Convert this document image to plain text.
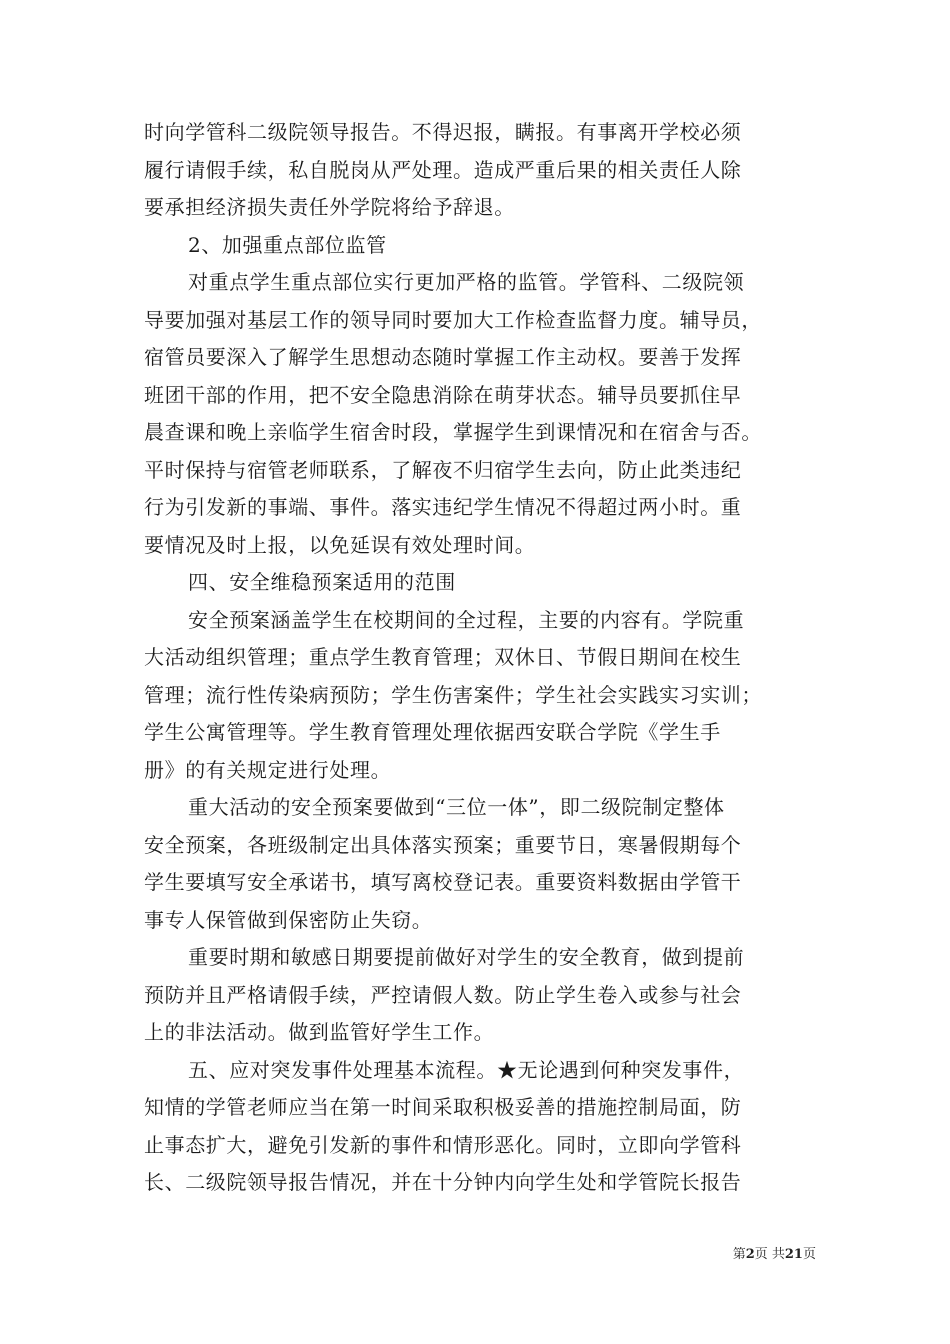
时向学管科二级院领导报告。不得迟报，瞒报。有事离开学校必须
履行请假手续，私自脱岗从严处理。造成严重后果的相关责任人除
要承担经济损失责任外学院将给予辞退。
2、加强重点部位监管
对重点学生重点部位实行更加严格的监管。学管科、二级院领
导要加强对基层工作的领导同时要加大工作检查监督力度。辅导员，
宿管员要深入了解学生思想动态随时掌握工作主动权。要善于发挥
班团干部的作用，把不安全隐患消除在萌芽状态。辅导员要抓住早
晨查课和晚上亲临学生宿舍时段，掌握学生到课情况和在宿舍与否。
平时保持与宿管老师联系，了解夜不归宿学生去向，防止此类违纪
行为引发新的事端、事件。落实违纪学生情况不得超过两小时。重
要情况及时上报，以免延误有效处理时间。
四、安全维稳预案适用的范围
安全预案涵盖学生在校期间的全过程，主要的内容有。学院重
大活动组织管理；重点学生教育管理；双休日、节假日期间在校生
管理；流行性传染病预防；学生伤害案件；学生社会实践实习实训；
学生公寓管理等。学生教育管理处理依据西安联合学院《学生手
册》的有关规定进行处理。
重大活动的安全预案要做到“三位一体”，即二级院制定整体
安全预案，各班级制定出具体落实预案；重要节日，寒暑假期每个
学生要填写安全承诺书，填写离校登记表。重要资料数据由学管干
事专人保管做到保密防止失窃。
重要时期和敏感日期要提前做好对学生的安全教育，做到提前
预防并且严格请假手续，严控请假人数。防止学生卷入或参与社会
上的非法活动。做到监管好学生工作。
五、应对突发事件处理基本流程。★无论遇到何种突发事件，
知情的学管老师应当在第一时间采取积极妥善的措施控制局面，防
止事态扩大，避免引发新的事件和情形恶化。同时，立即向学管科
长、二级院领导报告情况，并在十分钟内向学生处和学管院长报告
第2页 共21页
